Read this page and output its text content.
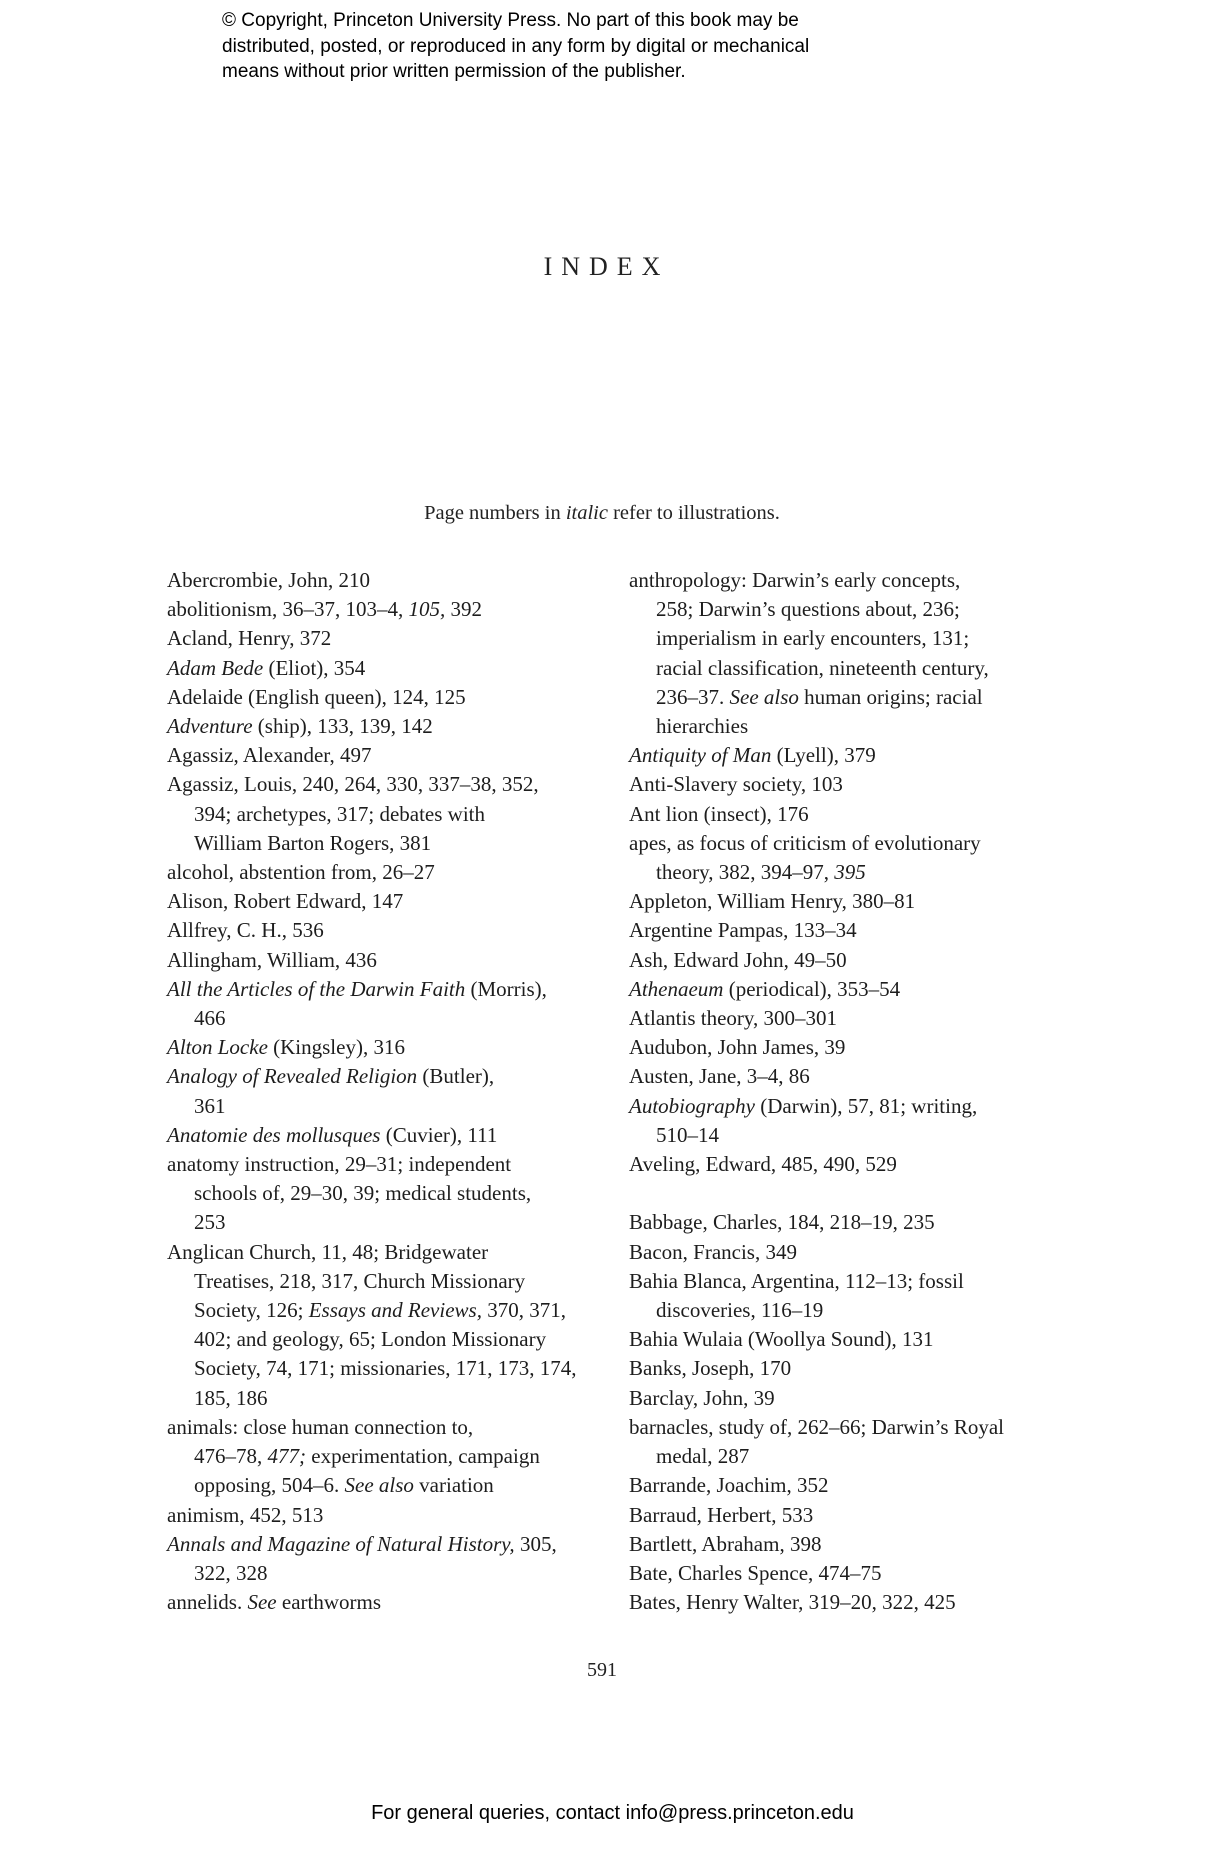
© Copyright, Princeton University Press. No part of this book may be
distributed, posted, or reproduced in any form by digital or mechanical
means without prior written permission of the publisher.
INDEX
Page numbers in italic refer to illustrations.
Abercrombie, John, 210
abolitionism, 36–37, 103–4, 105, 392
Acland, Henry, 372
Adam Bede (Eliot), 354
Adelaide (English queen), 124, 125
Adventure (ship), 133, 139, 142
Agassiz, Alexander, 497
Agassiz, Louis, 240, 264, 330, 337–38, 352,
394; archetypes, 317; debates with
William Barton Rogers, 381
alcohol, abstention from, 26–27
Alison, Robert Edward, 147
Allfrey, C. H., 536
Allingham, William, 436
All the Articles of the Darwin Faith (Morris),
466
Alton Locke (Kingsley), 316
Analogy of Revealed Religion (Butler),
361
Anatomie des mollusques (Cuvier), 111
anatomy instruction, 29–31; independent
schools of, 29–30, 39; medical students,
253
Anglican Church, 11, 48; Bridgewater
Treatises, 218, 317, Church Missionary
Society, 126; Essays and Reviews, 370, 371,
402; and geology, 65; London Missionary
Society, 74, 171; missionaries, 171, 173, 174,
185, 186
animals: close human connection to,
476–78, 477; experimentation, campaign
opposing, 504–6. See also variation
animism, 452, 513
Annals and Magazine of Natural History, 305,
322, 328
annelids. See earthworms
anthropology: Darwin’s early concepts,
258; Darwin’s questions about, 236;
imperialism in early encounters, 131;
racial classification, nineteenth century,
236–37. See also human origins; racial
hierarchies
Antiquity of Man (Lyell), 379
Anti-Slavery society, 103
Ant lion (insect), 176
apes, as focus of criticism of evolutionary
theory, 382, 394–97, 395
Appleton, William Henry, 380–81
Argentine Pampas, 133–34
Ash, Edward John, 49–50
Athenaeum (periodical), 353–54
Atlantis theory, 300–301
Audubon, John James, 39
Austen, Jane, 3–4, 86
Autobiography (Darwin), 57, 81; writing,
510–14
Aveling, Edward, 485, 490, 529
Babbage, Charles, 184, 218–19, 235
Bacon, Francis, 349
Bahia Blanca, Argentina, 112–13; fossil
discoveries, 116–19
Bahia Wulaia (Woollya Sound), 131
Banks, Joseph, 170
Barclay, John, 39
barnacles, study of, 262–66; Darwin’s Royal
medal, 287
Barrande, Joachim, 352
Barraud, Herbert, 533
Bartlett, Abraham, 398
Bate, Charles Spence, 474–75
Bates, Henry Walter, 319–20, 322, 425
591
For general queries, contact info@press.princeton.edu
